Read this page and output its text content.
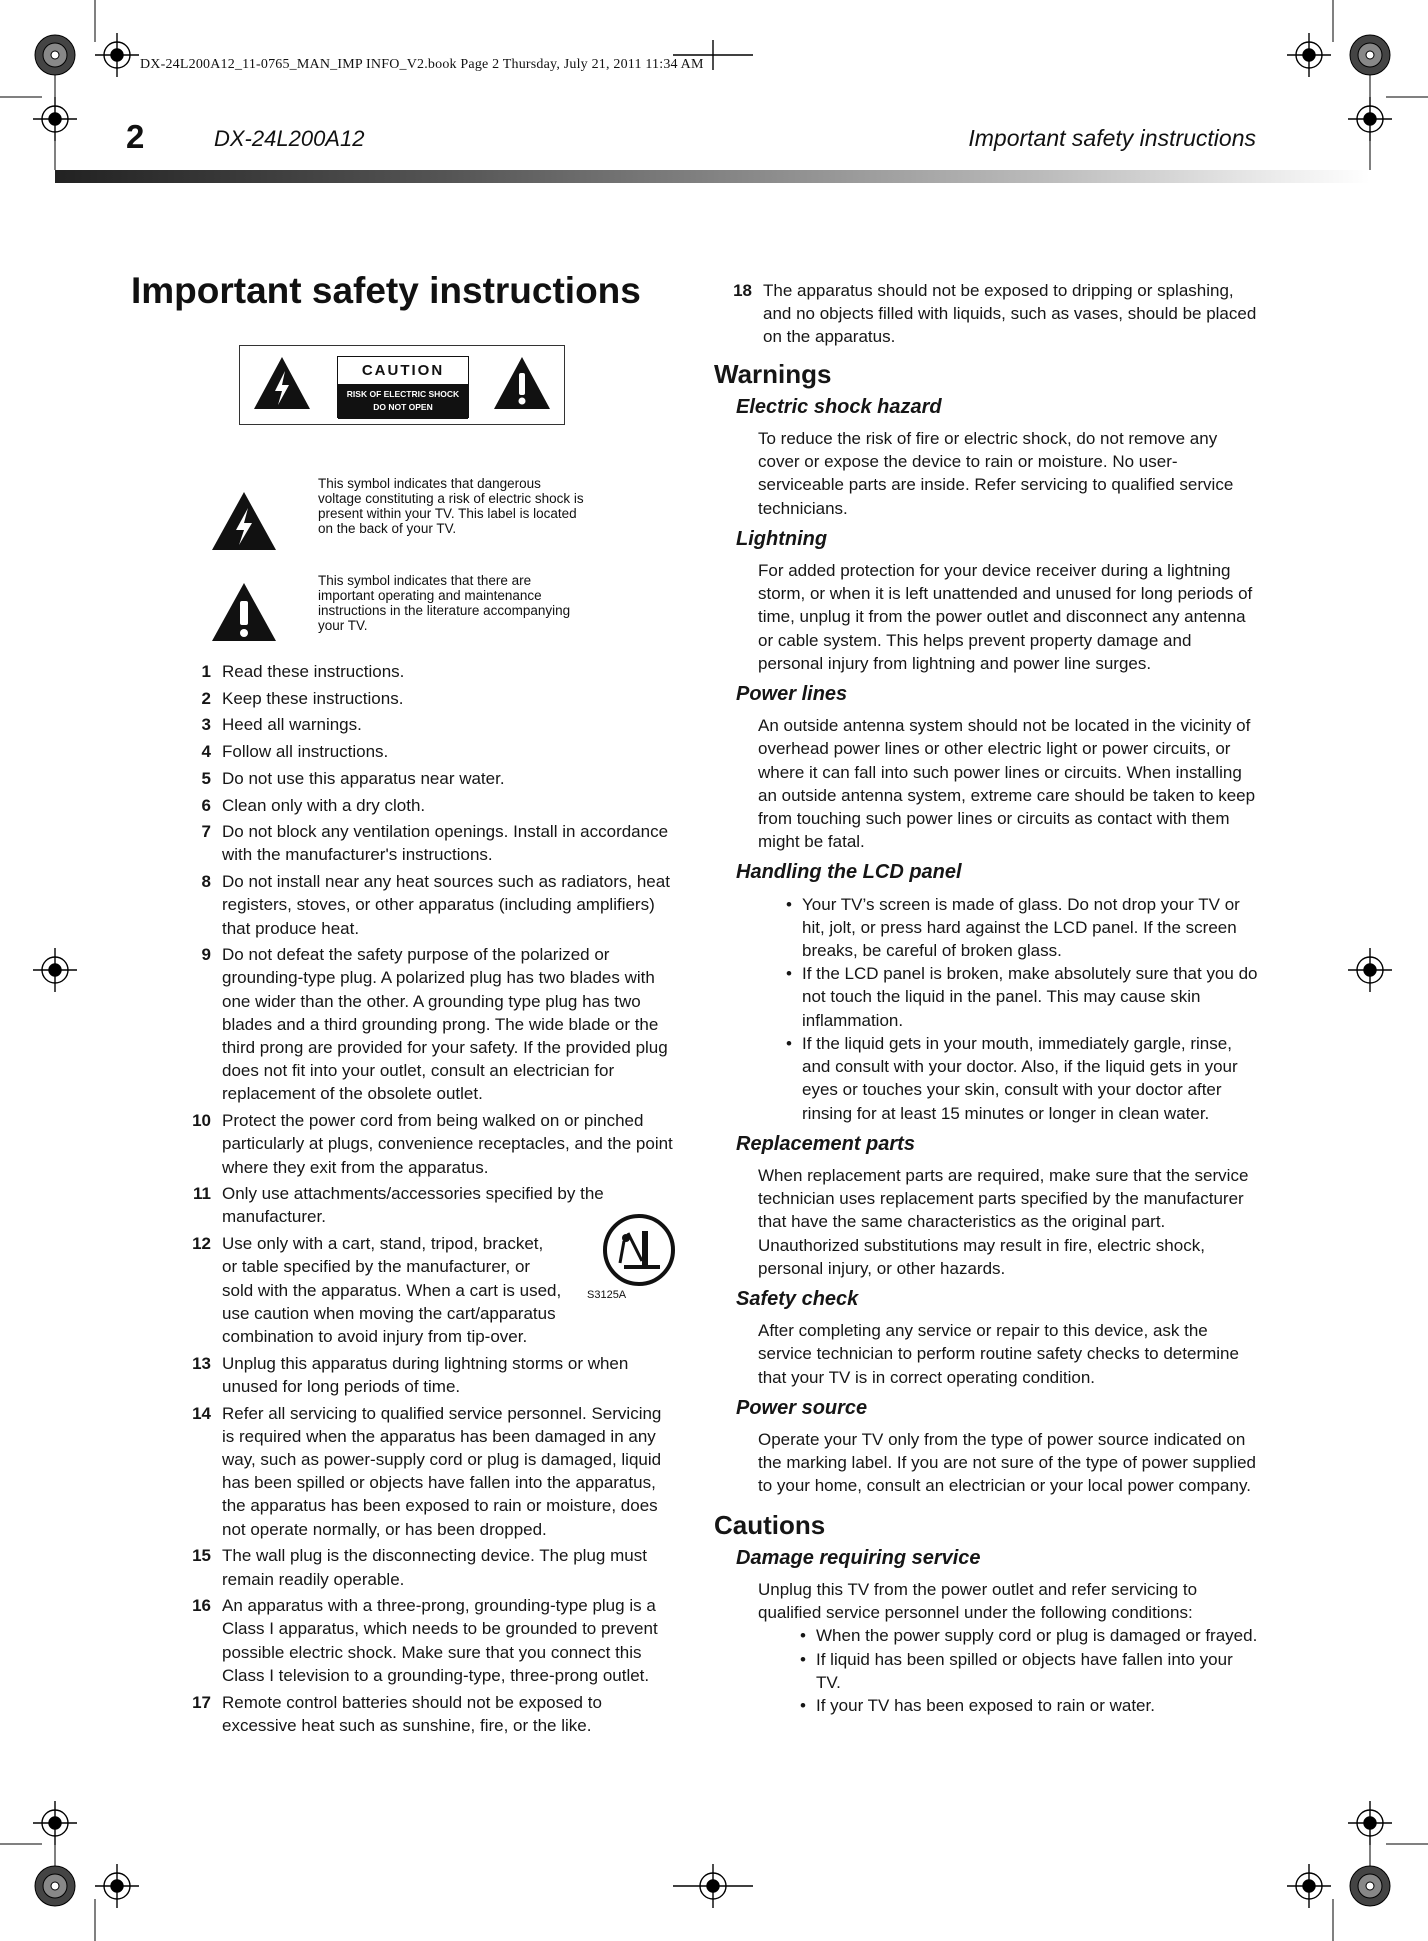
DX-24L200A12_11-0765_MAN_IMP INFO_V2.book Page 2 Thursday, July 21, 2011 11:34 AM
2	DX-24L200A12	Important safety instructions
Important safety instructions
CAUTION
RISK OF ELECTRIC SHOCK
DO NOT OPEN
This symbol indicates that dangerous voltage constituting a risk of electric shock is present within your TV. This label is located on the back of your TV.
This symbol indicates that there are important operating and maintenance instructions in the literature accompanying your TV.
1 Read these instructions.
2 Keep these instructions.
3 Heed all warnings.
4 Follow all instructions.
5 Do not use this apparatus near water.
6 Clean only with a dry cloth.
7 Do not block any ventilation openings. Install in accordance with the manufacturer's instructions.
8 Do not install near any heat sources such as radiators, heat registers, stoves, or other apparatus (including amplifiers) that produce heat.
9 Do not defeat the safety purpose of the polarized or grounding-type plug. A polarized plug has two blades with one wider than the other. A grounding type plug has two blades and a third grounding prong. The wide blade or the third prong are provided for your safety. If the provided plug does not fit into your outlet, consult an electrician for replacement of the obsolete outlet.
10 Protect the power cord from being walked on or pinched particularly at plugs, convenience receptacles, and the point where they exit from the apparatus.
11 Only use attachments/accessories specified by the manufacturer.
12 Use only with a cart, stand, tripod, bracket, or table specified by the manufacturer, or sold with the apparatus. When a cart is used, use caution when moving the cart/apparatus combination to avoid injury from tip-over.
13 Unplug this apparatus during lightning storms or when unused for long periods of time.
14 Refer all servicing to qualified service personnel. Servicing is required when the apparatus has been damaged in any way, such as power-supply cord or plug is damaged, liquid has been spilled or objects have fallen into the apparatus, the apparatus has been exposed to rain or moisture, does not operate normally, or has been dropped.
15 The wall plug is the disconnecting device. The plug must remain readily operable.
16 An apparatus with a three-prong, grounding-type plug is a Class I apparatus, which needs to be grounded to prevent possible electric shock. Make sure that you connect this Class I television to a grounding-type, three-prong outlet.
17 Remote control batteries should not be exposed to excessive heat such as sunshine, fire, or the like.
S3125A
18 The apparatus should not be exposed to dripping or splashing, and no objects filled with liquids, such as vases, should be placed on the apparatus.
Warnings
Electric shock hazard
To reduce the risk of fire or electric shock, do not remove any cover or expose the device to rain or moisture. No user-serviceable parts are inside. Refer servicing to qualified service technicians.
Lightning
For added protection for your device receiver during a lightning storm, or when it is left unattended and unused for long periods of time, unplug it from the power outlet and disconnect any antenna or cable system. This helps prevent property damage and personal injury from lightning and power line surges.
Power lines
An outside antenna system should not be located in the vicinity of overhead power lines or other electric light or power circuits, or where it can fall into such power lines or circuits. When installing an outside antenna system, extreme care should be taken to keep from touching such power lines or circuits as contact with them might be fatal.
Handling the LCD panel
• Your TV’s screen is made of glass. Do not drop your TV or hit, jolt, or press hard against the LCD panel. If the screen breaks, be careful of broken glass.
• If the LCD panel is broken, make absolutely sure that you do not touch the liquid in the panel. This may cause skin inflammation.
• If the liquid gets in your mouth, immediately gargle, rinse, and consult with your doctor. Also, if the liquid gets in your eyes or touches your skin, consult with your doctor after rinsing for at least 15 minutes or longer in clean water.
Replacement parts
When replacement parts are required, make sure that the service technician uses replacement parts specified by the manufacturer that have the same characteristics as the original part. Unauthorized substitutions may result in fire, electric shock, personal injury, or other hazards.
Safety check
After completing any service or repair to this device, ask the service technician to perform routine safety checks to determine that your TV is in correct operating condition.
Power source
Operate your TV only from the type of power source indicated on the marking label. If you are not sure of the type of power supplied to your home, consult an electrician or your local power company.
Cautions
Damage requiring service
Unplug this TV from the power outlet and refer servicing to qualified service personnel under the following conditions:
• When the power supply cord or plug is damaged or frayed.
• If liquid has been spilled or objects have fallen into your TV.
• If your TV has been exposed to rain or water.
